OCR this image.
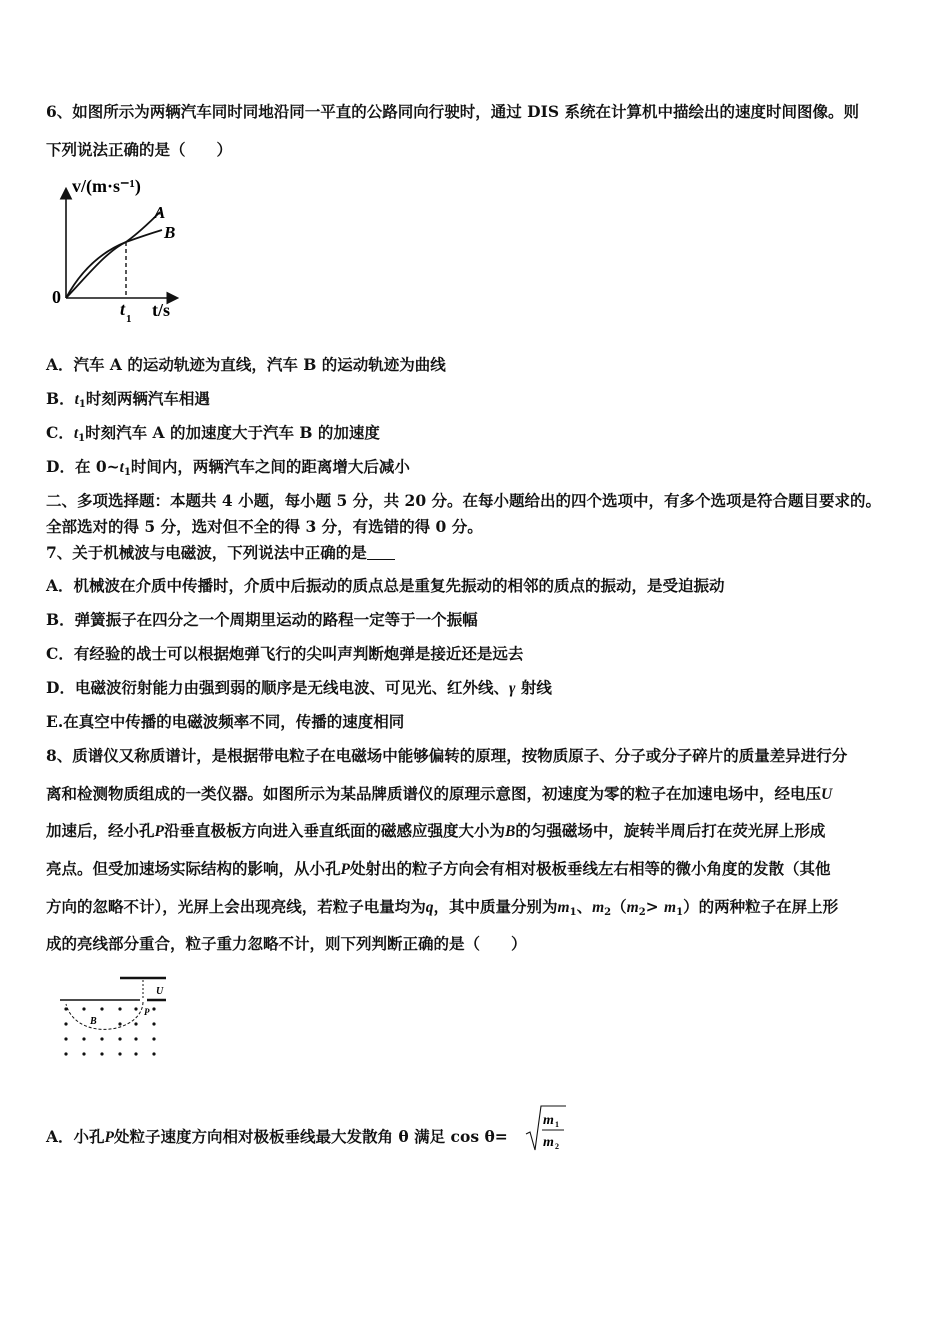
6、如图所示为两辆汽车同时同地沿同一平直的公路同向行驶时，通过 DIS 系统在计算机中描绘出的速度时间图像。则
下列说法正确的是（　　）
v/(m·s⁻¹)
0
A
B
t 1 t/s
A．汽车 A 的运动轨迹为直线，汽车 B 的运动轨迹为曲线
B．$t_1$时刻两辆汽车相遇
C．$t_1$时刻汽车 A 的加速度大于汽车 B 的加速度
D．在 $0\sim t_1$时间内，两辆汽车之间的距离增大后减小
二、多项选择题：本题共 4 小题，每小题 5 分，共 20 分。在每小题给出的四个选项中，有多个选项是符合题目要求的。
全部选对的得 5 分，选对但不全的得 3 分，有选错的得 0 分。
7、关于机械波与电磁波，下列说法中正确的是
A．机械波在介质中传播时，介质中后振动的质点总是重复先振动的相邻的质点的振动，是受迫振动
B．弹簧振子在四分之一个周期里运动的路程一定等于一个振幅
C．有经验的战士可以根据炮弹飞行的尖叫声判断炮弹是接近还是远去
D．电磁波衍射能力由强到弱的顺序是无线电波、可见光、红外线、γ 射线
E.在真空中传播的电磁波频率不同，传播的速度相同
8、质谱仪又称质谱计，是根据带电粒子在电磁场中能够偏转的原理，按物质原子、分子或分子碎片的质量差异进行分
离和检测物质组成的一类仪器。如图所示为某品牌质谱仪的原理示意图，初速度为零的粒子在加速电场中，经电压U
加速后，经小孔P沿垂直极板方向进入垂直纸面的磁感应强度大小为B的匀强磁场中，旋转半周后打在荧光屏上形成
亮点。但受加速场实际结构的影响，从小孔P处射出的粒子方向会有相对极板垂线左右相等的微小角度的发散（其他
方向的忽略不计），光屏上会出现亮线，若粒子电量均为q，其中质量分别为$m_1$、$m_2(m_2> m_1)$的两种粒子在屏上形
成的亮线部分重合，粒子重力忽略不计，则下列判断正确的是（　　）
U
P
B
A．小孔P处粒子速度方向相对极板垂线最大发散角 θ 满足 cos θ=
m 1
m 2
